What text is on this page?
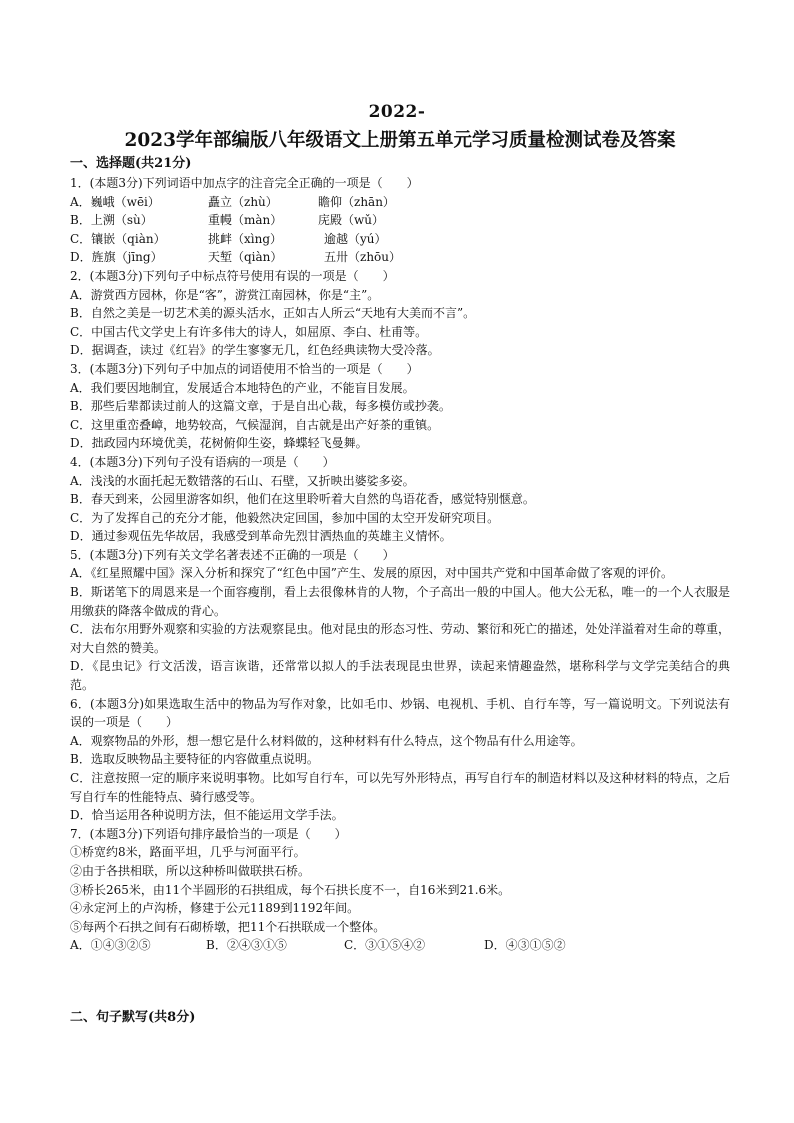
2022-
2023学年部编版八年级语文上册第五单元学习质量检测试卷及答案
一、选择题(共21分)
1．(本题3分)下列词语中加点字的注音完全正确的一项是（　　）
A．巍峨（wēi）	矗立（zhù）	瞻仰（zhān）
B．上溯（sù）	重幔（màn）	庑殿（wǔ）
C．镶嵌（qiàn）	挑衅（xìng）	逾越（yú）
D．旌旗（jīng）	天堑（qiàn）	五卅（zhōu）
2．(本题3分)下列句子中标点符号使用有误的一项是（　　）
A．游赏西方园林，你是“客”，游赏江南园林，你是“主”。
B．自然之美是一切艺术美的源头活水，正如古人所云“天地有大美而不言”。
C．中国古代文学史上有许多伟大的诗人，如屈原、李白、杜甫等。
D．据调查，读过《红岩》的学生寥寥无几，红色经典读物大受冷落。
3．(本题3分)下列句子中加点的词语使用不恰当的一项是（　　）
A．我们要因地制宜，发展适合本地特色的产业，不能盲目发展。
B．那些后辈都读过前人的这篇文章，于是自出心裁，每多模仿或抄袭。
C．这里重峦叠嶂，地势较高，气候湿润，自古就是出产好茶的重镇。
D．拙政园内环境优美，花树俯仰生姿，蜂蝶轻飞曼舞。
4．(本题3分)下列句子没有语病的一项是（　　）
A．浅浅的水面托起无数错落的石山、石壁，又折映出婆娑多姿。
B．春天到来，公园里游客如织，他们在这里聆听着大自然的鸟语花香，感觉特别惬意。
C．为了发挥自己的充分才能，他毅然决定回国，参加中国的太空开发研究项目。
D．通过参观伍先华故居，我感受到革命先烈甘洒热血的英雄主义情怀。
5．(本题3分)下列有关文学名著表述不正确的一项是（　　）
A．《红星照耀中国》深入分析和探究了“红色中国”产生、发展的原因，对中国共产党和中国革命做了客观的评价。
B．斯诺笔下的周恩来是一个面容瘦削，看上去很像林肯的人物，个子高出一般的中国人。他大公无私，唯一的一个人衣服是用缴获的降落伞做成的背心。
C．法布尔用野外观察和实验的方法观察昆虫。他对昆虫的形态习性、劳动、繁衍和死亡的描述，处处洋溢着对生命的尊重，对大自然的赞美。
D．《昆虫记》行文活泼，语言诙谐，还常常以拟人的手法表现昆虫世界，读起来情趣盎然，堪称科学与文学完美结合的典范。
6．(本题3分)如果选取生活中的物品为写作对象，比如毛巾、炒锅、电视机、手机、自行车等，写一篇说明文。下列说法有误的一项是（　　）
A．观察物品的外形，想一想它是什么材料做的，这种材料有什么特点，这个物品有什么用途等。
B．选取反映物品主要特征的内容做重点说明。
C．注意按照一定的顺序来说明事物。比如写自行车，可以先写外形特点，再写自行车的制造材料以及这种材料的特点，之后写自行车的性能特点、骑行感受等。
D．恰当运用各种说明方法，但不能运用文学手法。
7．(本题3分)下列语句排序最恰当的一项是（　　）
①桥宽约8米，路面平坦，几乎与河面平行。
②由于各拱相联，所以这种桥叫做联拱石桥。
③桥长265米，由11个半圆形的石拱组成，每个石拱长度不一，自16米到21.6米。
④永定河上的卢沟桥，修建于公元1189到1192年间。
⑤每两个石拱之间有石砌桥墩，把11个石拱联成一个整体。
A．①④③②⑤	B．②④③①⑤	C．③①⑤④②	D．④③①⑤②
二、句子默写(共8分)
